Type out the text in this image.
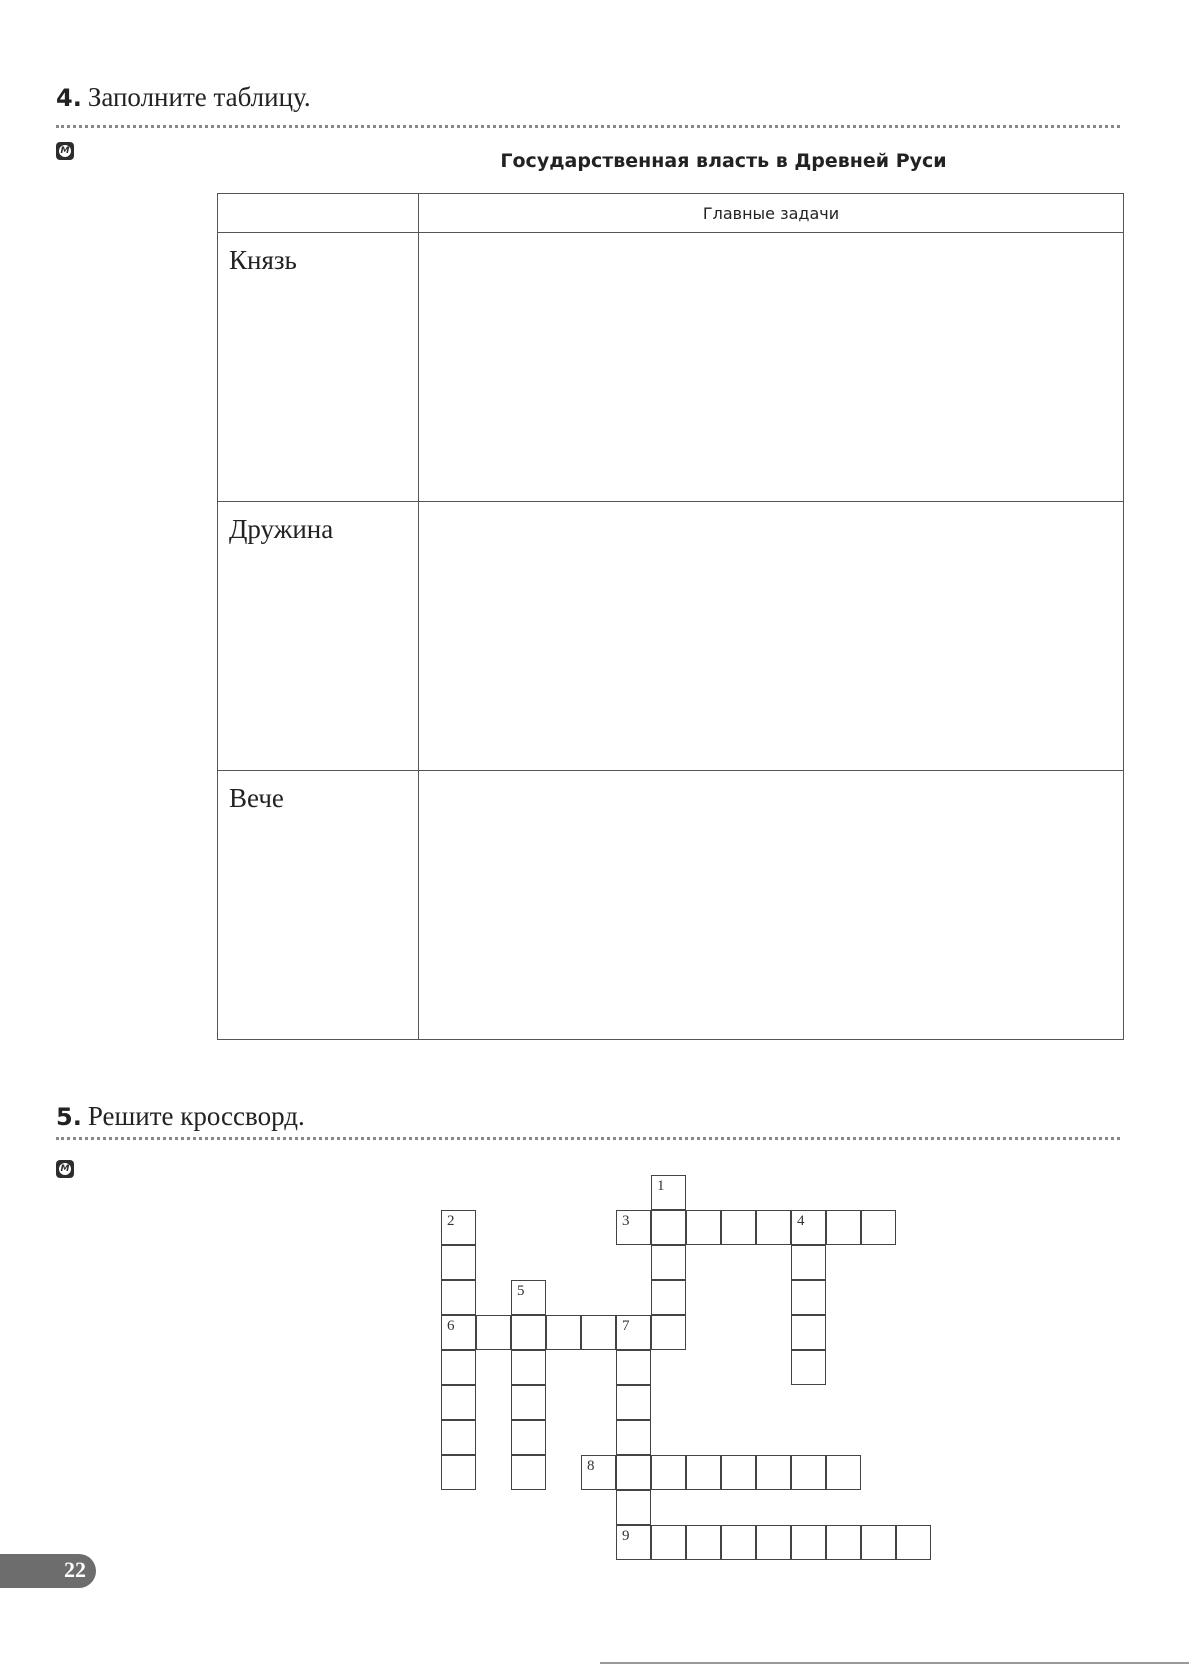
4. Заполните таблицу.
M	Государственная власть в Древней Руси
	Главные задачи

Князь	

Дружина	

Вече	

5. Решите кроссворд.
M
1
3	4
2
6
5
7
9
8
22
